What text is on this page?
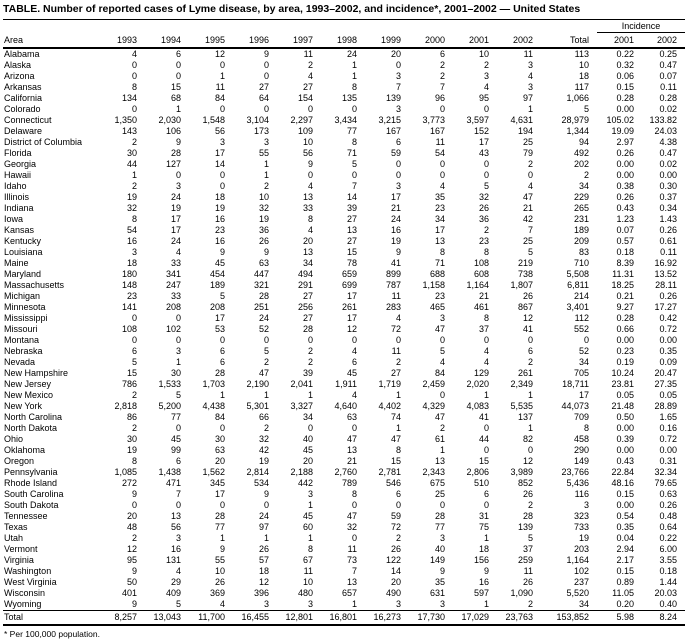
TABLE. Number of reported cases of Lyme disease, by area, 1993–2002, and incidence*, 2001–2002 — United States
												Incidence	
Area	1993	1994	1995	1996	1997	1998	1999	2000	2001	2002	Total	2001	2002
Alabama	4	6	12	9	11	24	20	6	10	11	113	0.22	0.25
Alaska	0	0	0	0	2	1	0	2	2	3	10	0.32	0.47
Arizona	0	0	1	0	4	1	3	2	3	4	18	0.06	0.07
Arkansas	8	15	11	27	27	8	7	7	4	3	117	0.15	0.11
California	134	68	84	64	154	135	139	96	95	97	1,066	0.28	0.28
Colorado	0	1	0	0	0	0	3	0	0	1	5	0.00	0.02
Connecticut	1,350	2,030	1,548	3,104	2,297	3,434	3,215	3,773	3,597	4,631	28,979	105.02	133.82
Delaware	143	106	56	173	109	77	167	167	152	194	1,344	19.09	24.03
District of Columbia	2	9	3	3	10	8	6	11	17	25	94	2.97	4.38
Florida	30	28	17	55	56	71	59	54	43	79	492	0.26	0.47
Georgia	44	127	14	1	9	5	0	0	0	2	202	0.00	0.02
Hawaii	1	0	0	1	0	0	0	0	0	0	2	0.00	0.00
Idaho	2	3	0	2	4	7	3	4	5	4	34	0.38	0.30
Illinois	19	24	18	10	13	14	17	35	32	47	229	0.26	0.37
Indiana	32	19	19	32	33	39	21	23	26	21	265	0.43	0.34
Iowa	8	17	16	19	8	27	24	34	36	42	231	1.23	1.43
Kansas	54	17	23	36	4	13	16	17	2	7	189	0.07	0.26
Kentucky	16	24	16	26	20	27	19	13	23	25	209	0.57	0.61
Louisiana	3	4	9	9	13	15	9	8	8	5	83	0.18	0.11
Maine	18	33	45	63	34	78	41	71	108	219	710	8.39	16.92
Maryland	180	341	454	447	494	659	899	688	608	738	5,508	11.31	13.52
Massachusetts	148	247	189	321	291	699	787	1,158	1,164	1,807	6,811	18.25	28.11
Michigan	23	33	5	28	27	17	11	23	21	26	214	0.21	0.26
Minnesota	141	208	208	251	256	261	283	465	461	867	3,401	9.27	17.27
Mississippi	0	0	17	24	27	17	4	3	8	12	112	0.28	0.42
Missouri	108	102	53	52	28	12	72	47	37	41	552	0.66	0.72
Montana	0	0	0	0	0	0	0	0	0	0	0	0.00	0.00
Nebraska	6	3	6	5	2	4	11	5	4	6	52	0.23	0.35
Nevada	5	1	6	2	2	6	2	4	4	2	34	0.19	0.09
New Hampshire	15	30	28	47	39	45	27	84	129	261	705	10.24	20.47
New Jersey	786	1,533	1,703	2,190	2,041	1,911	1,719	2,459	2,020	2,349	18,711	23.81	27.35
New Mexico	2	5	1	1	1	4	1	0	1	1	17	0.05	0.05
New York	2,818	5,200	4,438	5,301	3,327	4,640	4,402	4,329	4,083	5,535	44,073	21.48	28.89
North Carolina	86	77	84	66	34	63	74	47	41	137	709	0.50	1.65
North Dakota	2	0	0	2	0	0	1	2	0	1	8	0.00	0.16
Ohio	30	45	30	32	40	47	47	61	44	82	458	0.39	0.72
Oklahoma	19	99	63	42	45	13	8	1	0	0	290	0.00	0.00
Oregon	8	6	20	19	20	21	15	13	15	12	149	0.43	0.31
Pennsylvania	1,085	1,438	1,562	2,814	2,188	2,760	2,781	2,343	2,806	3,989	23,766	22.84	32.34
Rhode Island	272	471	345	534	442	789	546	675	510	852	5,436	48.16	79.65
South Carolina	9	7	17	9	3	8	6	25	6	26	116	0.15	0.63
South Dakota	0	0	0	0	1	0	0	0	0	2	3	0.00	0.26
Tennessee	20	13	28	24	45	47	59	28	31	28	323	0.54	0.48
Texas	48	56	77	97	60	32	72	77	75	139	733	0.35	0.64
Utah	2	3	1	1	1	0	2	3	1	5	19	0.04	0.22
Vermont	12	16	9	26	8	11	26	40	18	37	203	2.94	6.00
Virginia	95	131	55	57	67	73	122	149	156	259	1,164	2.17	3.55
Washington	9	4	10	18	11	7	14	9	9	11	102	0.15	0.18
West Virginia	50	29	26	12	10	13	20	35	16	26	237	0.89	1.44
Wisconsin	401	409	369	396	480	657	490	631	597	1,090	5,520	11.05	20.03
Wyoming	9	5	4	3	3	1	3	3	1	2	34	0.20	0.40
Total	8,257	13,043	11,700	16,455	12,801	16,801	16,273	17,730	17,029	23,763	153,852	5.98	8.24
* Per 100,000 population.
